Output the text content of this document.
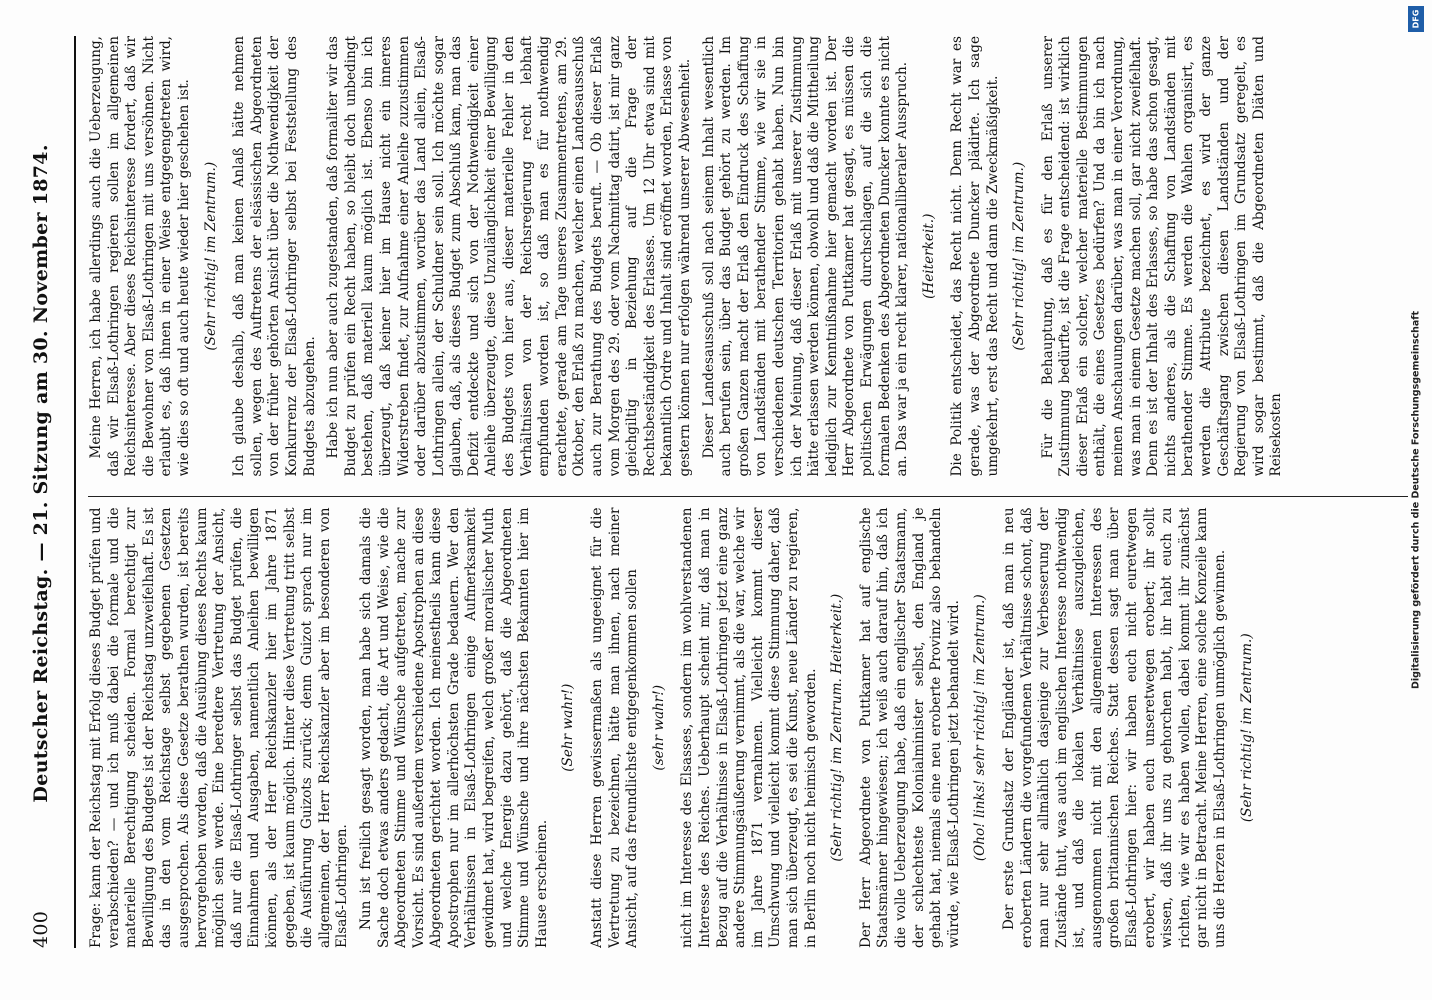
400
Deutscher Reichstag. — 21. Sitzung am 30. November 1874.	Frage: kann der Reichstag mit Erfolg dieses Budget prüfen und verabschieden? — und ich muß dabei die formale und die materielle Berechtigung scheiden. Formal berechtigt zur Bewilligung des Budgets ist der Reichstag unzweifelhaft. Es ist das in den vom Reichstage selbst gegebenen Gesetzen ausgesprochen. Als diese Gesetze berathen wurden, ist bereits hervorgehoben worden, daß die Ausübung dieses Rechts kaum möglich sein werde. Eine beredtere Vertretung der Ansicht, daß nur die Elsaß-Lothringer selbst das Budget prüfen, die Einnahmen und Ausgaben, namentlich Anleihen bewilligen können, als der Herr Reichskanzler hier im Jahre 1871 gegeben, ist kaum möglich. Hinter diese Vertretung tritt selbst die Ausführung Guizots zurück; denn Guizot sprach nur im allgemeinen, der Herr Reichskanzler aber im besonderen von Elsaß-Lothringen. Nun ist freilich gesagt worden, man habe sich damals die Sache doch etwas anders gedacht, die Art und Weise, wie die Abgeordneten Stimme und Wünsche aufgetreten, mache zur Vorsicht. Es sind außerdem verschiedene Apostrophen an diese Abgeordneten gerichtet worden. Ich meinestheils kann diese Apostrophen nur im allerhöchsten Grade bedauern. Wer den Verhältnissen in Elsaß-Lothringen einige Aufmerksamkeit gewidmet hat, wird begreifen, welch großer moralischer Muth und welche Energie dazu gehört, daß die Abgeordneten Stimme und Wünsche und ihre nächsten Bekannten hier im Hause erscheinen.

(Sehr wahr!) Anstatt diese Herren gewissermaßen als ungeeignet für die Vertretung zu bezeichnen, hätte man ihnen, nach meiner Ansicht, auf das freundlichste entgegenkommen sollen (sehr wahr!) nicht im Interesse des Elsasses, sondern im wohlverstandenen Interesse des Reiches. Ueberhaupt scheint mir, daß man in Bezug auf die Verhältnisse in Elsaß-Lothringen jetzt eine ganz andere Stimmungsäußerung vernimmt, als die war, welche wir im Jahre 1871 vernahmen. Vielleicht kommt dieser Umschwung und vielleicht kommt diese Stimmung daher, daß man sich überzeugt, es sei die Kunst, neue Länder zu regieren, in Berlin noch nicht heimisch geworden. (Sehr richtig! im Zentrum. Heiterkeit.) Der Herr Abgeordnete von Puttkamer hat auf englische Staatsmänner hingewiesen; ich weiß auch darauf hin, daß ich die volle Ueberzeugung habe, daß ein englischer Staatsmann, der schlechteste Kolonialminister selbst, den England je gehabt hat, niemals eine neu eroberte Provinz also behandeln würde, wie Elsaß-Lothringen jetzt behandelt wird. (Oho! links! sehr richtig! im Zentrum.) Der erste Grundsatz der Engländer ist, daß man in neu eroberten Ländern die vorgefundenen Verhältnisse schont, daß man nur sehr allmählich dasjenige zur Verbesserung der Zustände thut, was auch im englischen Interesse nothwendig ist, und daß die lokalen Verhältnisse auszugleichen, ausgenommen nicht mit den allgemeinen Interessen des großen britannischen Reiches. Statt dessen sagt man über Elsaß-Lothringen hier: wir haben euch nicht euretwegen erobert, wir haben euch unseretwegen erobert; ihr sollt wissen, daß ihr uns zu gehorchen habt, ihr habt euch zu richten, wie wir es haben wollen, dabei kommt ihr zunächst gar nicht in Betracht. Meine Herren, eine solche Konzeile kann uns die Herzen in Elsaß-Lothringen unmöglich gewinnen. (Sehr richtig! im Zentrum.)

Meine Herren, ich habe allerdings auch die Ueberzeugung, daß wir Elsaß-Lothringen regieren sollen im allgemeinen Reichsinteresse. Aber dieses Reichsinteresse fordert, daß wir die Bewohner von Elsaß-Lothringen mit uns versöhnen. Nicht erlaubt es, daß ihnen in einer Weise entgegengetreten wird, wie dies so oft und auch heute wieder hier geschehen ist. (Sehr richtig! im Zentrum.) Ich glaube deshalb, daß man keinen Anlaß hätte nehmen sollen, wegen des Auftretens der elsässischen Abgeordneten von der früher gehörten Ansicht über die Nothwendigkeit der Konkurrenz der Elsaß-Lothringer selbst bei Feststellung des Budgets abzugehen. Habe ich nun aber auch zugestanden, daß formaliter wir das Budget zu prüfen ein Recht haben, so bleibt doch unbedingt bestehen, daß materiell kaum möglich ist. Ebenso bin ich überzeugt, daß keiner hier im Hause nicht ein inneres Widerstreben findet, zur Aufnahme einer Anleihe zuzustimmen oder darüber abzustimmen, worüber das Land allein, Elsaß-Lothringen allein, der Schuldner sein soll. Ich möchte sogar glauben, daß, als dieses Budget zum Abschluß kam, man das Defizit entdeckte und sich von der Nothwendigkeit einer Anleihe überzeugte, diese Unzulänglichkeit einer Bewilligung des Budgets von hier aus, dieser materielle Fehler in den Verhältnissen von der Reichsregierung recht lebhaft empfunden worden ist, so daß man es für nothwendig erachtete, gerade am Tage unseres Zusammentretens, am 29. Oktober, den Erlaß zu machen, welcher einen Landesausschuß auch zur Berathung des Budgets beruft. — Ob dieser Erlaß vom Morgen des 29. oder vom Nachmittag datirt, ist mir ganz gleichgiltig in Beziehung auf die Frage der Rechtsbeständigkeit des Erlasses. Um 12 Uhr etwa sind mit bekanntlich Ordre und Inhalt sind eröffnet worden, Erlasse von gestern können nur erfolgen während unserer Abwesenheit. Dieser Landesausschuß soll nach seinem Inhalt wesentlich auch berufen sein, über das Budget gehört zu werden. Im großen Ganzen macht der Erlaß den Eindruck des Schaffung von Landständen mit berathender Stimme, wie wir sie in verschiedenen deutschen Territorien gehabt haben. Nun bin ich der Meinung, daß dieser Erlaß mit unserer Zustimmung hätte erlassen werden können, obwohl und daß die Mittheilung lediglich zur Kenntnißnahme hier gemacht worden ist. Der Herr Abgeordnete von Puttkamer hat gesagt, es müssen die politischen Erwägungen durchschlagen, auf die sich die formalen Bedenken des Abgeordneten Duncker konnte es nicht an. Das war ja ein recht klarer, nationalliberaler Ausspruch. (Heiterkeit.) Die Politik entscheidet, das Recht nicht. Denn Recht war es gerade, was der Abgeordnete Duncker plädirte. Ich sage umgekehrt, erst das Recht und dann die Zweckmäßigkeit. (Sehr richtig! im Zentrum.) Für die Behauptung, daß es für den Erlaß unserer Zustimmung bedürfte, ist die Frage entscheidend: ist wirklich dieser Erlaß ein solcher, welcher materielle Bestimmungen enthält, die eines Gesetzes bedürfen? Und da bin ich nach meinen Anschauungen darüber, was man in einer Verordnung, was man in einem Gesetze machen soll, gar nicht zweifelhaft. Denn es ist der Inhalt des Erlasses, so habe das schon gesagt, nichts anderes, als die Schaffung von Landständen mit berathender Stimme. Es werden die Wahlen organisirt, es werden die Attribute bezeichnet, es wird der ganze Geschäftsgang zwischen diesen Landständen und der Regierung von Elsaß-Lothringen im Grundsatz geregelt, es wird sogar bestimmt, daß die Abgeordneten Diäten und Reisekosten

DFG
Digitalisierung gefördert durch die Deutsche Forschungsgemeinschaft
